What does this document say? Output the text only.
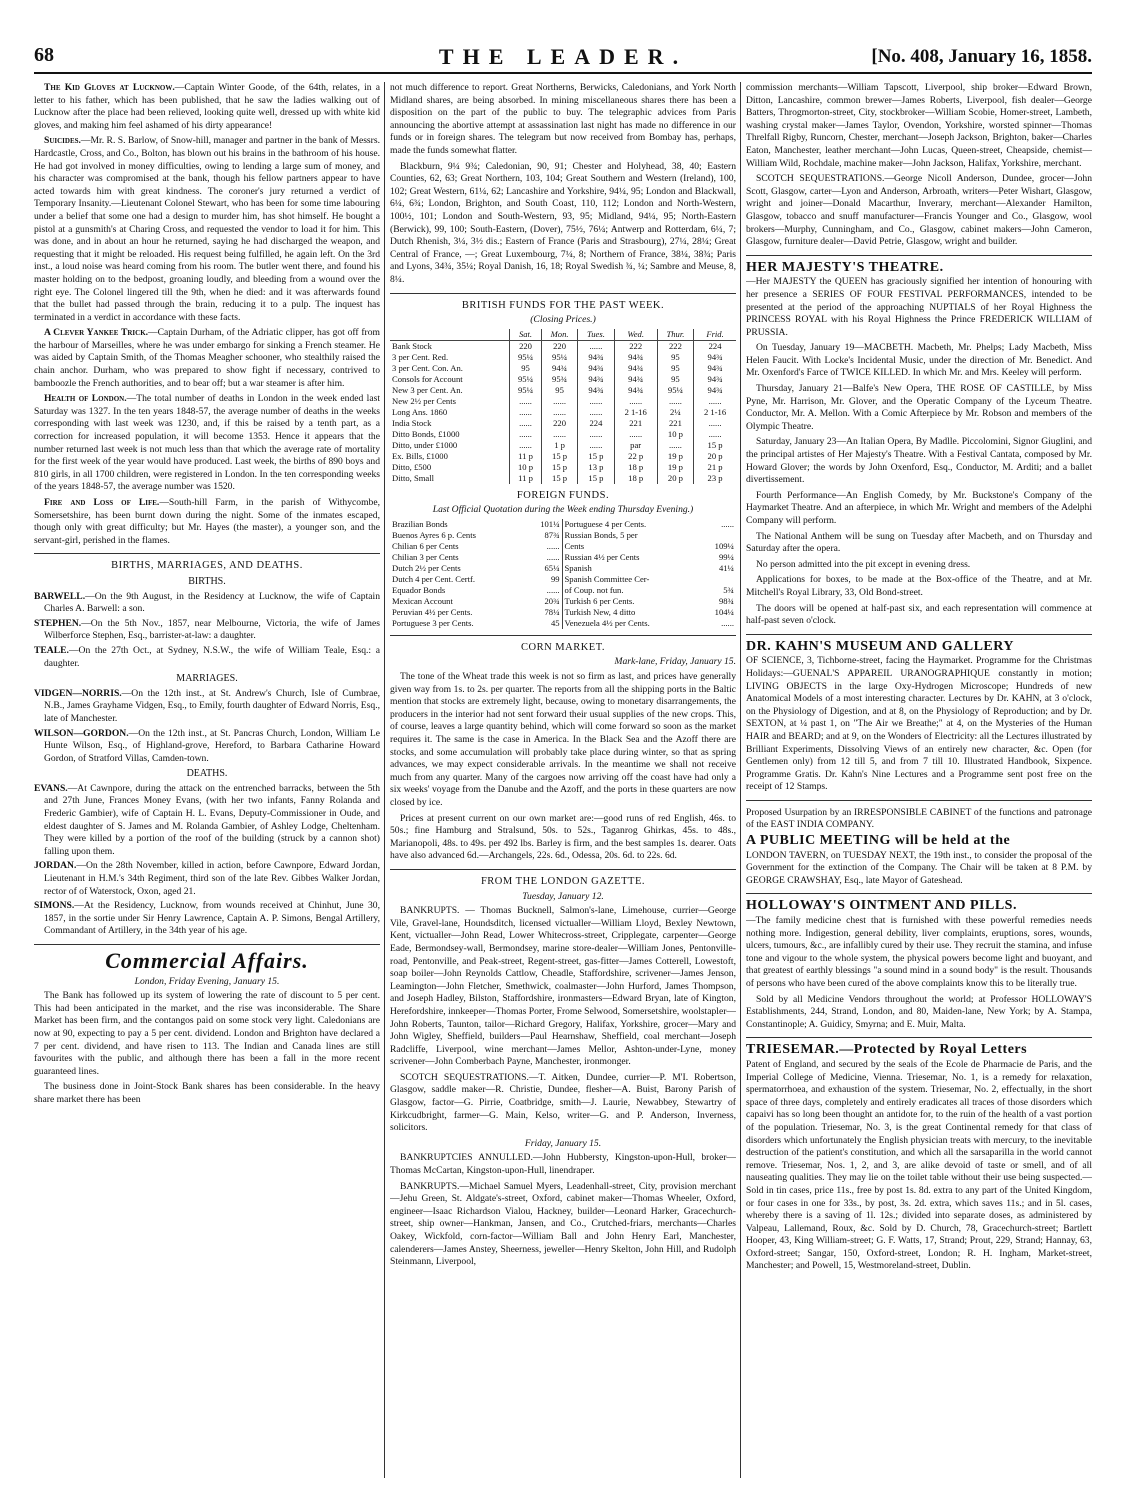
68	THE LEADER.	[No. 408, January 16, 1858.

The Kid Gloves at Lucknow.—Captain Winter Goode, of the 64th, relates, in a letter to his father, which has been published, that he saw the ladies walking out of Lucknow after the place had been relieved, looking quite well, dressed up with white kid gloves, and making him feel ashamed of his dirty appearance!

Suicides.—Mr. R. S. Barlow, of Snow-hill, manager and partner in the bank of Messrs. Hardcastle, Cross, and Co., Bolton, has blown out his brains in the bathroom of his house. He had got involved in money difficulties, owing to lending a large sum of money, and his character was compromised at the bank, though his fellow partners appear to have acted towards him with great kindness. The coroner's jury returned a verdict of Temporary Insanity.—Lieutenant Colonel Stewart, who has been for some time labouring under a belief that some one had a design to murder him, has shot himself. He bought a pistol at a gunsmith's at Charing Cross, and requested the vendor to load it for him. This was done, and in about an hour he returned, saying he had discharged the weapon, and requesting that it might be reloaded. His request being fulfilled, he again left. On the 3rd inst., a loud noise was heard coming from his room. The butler went there, and found his master holding on to the bedpost, groaning loudly, and bleeding from a wound over the right eye. The Colonel lingered till the 9th, when he died: and it was afterwards found that the bullet had passed through the brain, reducing it to a pulp. The inquest has terminated in a verdict in accordance with these facts.

A Clever Yankee Trick.—Captain Durham, of the Adriatic clipper, has got off from the harbour of Marseilles, where he was under embargo for sinking a French steamer. He was aided by Captain Smith, of the Thomas Meagher schooner, who stealthily raised the chain anchor. Durham, who was prepared to show fight if necessary, contrived to bamboozle the French authorities, and to bear off; but a war steamer is after him.

Health of London.—The total number of deaths in London in the week ended last Saturday was 1327. In the ten years 1848-57, the average number of deaths in the weeks corresponding with last week was 1230, and, if this be raised by a tenth part, as a correction for increased population, it will become 1353. Hence it appears that the number returned last week is not much less than that which the average rate of mortality for the first week of the year would have produced. Last week, the births of 890 boys and 810 girls, in all 1700 children, were registered in London. In the ten corresponding weeks of the years 1848-57, the average number was 1520.

Fire and Loss of Life.—South-hill Farm, in the parish of Withycombe, Somersetshire, has been burnt down during the night. Some of the inmates escaped, though only with great difficulty; but Mr. Hayes (the master), a younger son, and the servant-girl, perished in the flames.

BIRTHS, MARRIAGES, AND DEATHS.
BIRTHS.
BARWELL.—On the 9th August, in the Residency at Lucknow, the wife of Captain Charles A. Barwell: a son.
STEPHEN.—On the 5th Nov., 1857, near Melbourne, Victoria, the wife of James Wilberforce Stephen, Esq., barrister-at-law: a daughter.
TEALE.—On the 27th Oct., at Sydney, N.S.W., the wife of William Teale, Esq.: a daughter.
MARRIAGES.
VIDGEN—NORRIS.—On the 12th inst., at St. Andrew's Church, Isle of Cumbrae, N.B., James Grayhame Vidgen, Esq., to Emily, fourth daughter of Edward Norris, Esq., late of Manchester.
WILSON—GORDON.—On the 12th inst., at St. Pancras Church, London, William Le Hunte Wilson, Esq., of Highland-grove, Hereford, to Barbara Catharine Howard Gordon, of Stratford Villas, Camden-town.
DEATHS.
EVANS.—At Cawnpore, during the attack on the entrenched barracks, between the 5th and 27th June, Frances Money Evans, (with her two infants, Fanny Rolanda and Frederic Gambier), wife of Captain H. L. Evans, Deputy-Commissioner in Oude, and eldest daughter of S. James and M. Rolanda Gambier, of Ashley Lodge, Cheltenham. They were killed by a portion of the roof of the building (struck by a cannon shot) falling upon them.
JORDAN.—On the 28th November, killed in action, before Cawnpore, Edward Jordan, Lieutenant in H.M.'s 34th Regiment, third son of the late Rev. Gibbes Walker Jordan, rector of of Waterstock, Oxon, aged 21.
SIMONS.—At the Residency, Lucknow, from wounds received at Chinhut, June 30, 1857, in the sortie under Sir Henry Lawrence, Captain A. P. Simons, Bengal Artillery, Commandant of Artillery, in the 34th year of his age.
Commercial Affairs.
London, Friday Evening, January 15.

The Bank has followed up its system of lowering the rate of discount to 5 per cent. This had been anticipated in the market, and the rise was inconsiderable. The Share Market has been firm, and the contangos paid on some stock very light. Caledonians are now at 90, expecting to pay a 5 per cent. dividend. London and Brighton have declared a 7 per cent. dividend, and have risen to 113. The Indian and Canada lines are still favourites with the public, and although there has been a fall in the more recent guaranteed lines.

The business done in Joint-Stock Bank shares has been considerable. In the heavy share market there has been

not much difference to report. Great Northerns, Berwicks, Caledonians, and York North Midland shares, are being absorbed. In mining miscellaneous shares there has been a disposition on the part of the public to buy. The telegraphic advices from Paris announcing the abortive attempt at assassination last night has made no difference in our funds or in foreign shares. The telegram but now received from Bombay has, perhaps, made the funds somewhat flatter.

Blackburn, 9¼ 9¾; Caledonian, 90, 91; Chester and Holyhead, 38, 40; Eastern Counties, 62, 63; Great Northern, 103, 104; Great Southern and Western (Ireland), 100, 102; Great Western, 61¼, 62; Lancashire and Yorkshire, 94¼, 95; London and Blackwall, 6¼, 6¾; London, Brighton, and South Coast, 110, 112; London and North-Western, 100½, 101; London and South-Western, 93, 95; Midland, 94¼, 95; North-Eastern (Berwick), 99, 100; South-Eastern, (Dover), 75½, 76¼; Antwerp and Rotterdam, 6¼, 7; Dutch Rhenish, 3¼, 3½ dis.; Eastern of France (Paris and Strasbourg), 27¼, 28¼; Great Central of France, —; Great Luxembourg, 7¼, 8; Northern of France, 38¼, 38¾; Paris and Lyons, 34¾, 35¼; Royal Danish, 16, 18; Royal Swedish ¾, ¼; Sambre and Meuse, 8, 8¼.

BRITISH FUNDS FOR THE PAST WEEK.
(Closing Prices.)
	Sat.	Mon.	Tues.	Wed.	Thur.	Frid.
Bank Stock	220	220	......	222	222	224
3 per Cent. Red.	95¼	95¼	94¾	94¾	95	94¾
3 per Cent. Con. An.	95	94¾	94¾	94¾	95	94¾
Consols for Account	95¼	95¾	94¾	94¾	95	94¾
New 3 per Cent. An.	95¼	95	94¾	94¾	95¼	94¾
New 2½ per Cents	......	......	......	......	......	......
Long Ans. 1860	......	......	......	2 1-16	2¼	2 1-16
India Stock	......	220	224	221	221	......
Ditto Bonds, £1000	......	......	......	......	10 p	......
Ditto, under £1000	......	1 p	......	par	......	15 p
Ex. Bills, £1000	11 p	15 p	15 p	22 p	19 p	20 p
Ditto, £500	10 p	15 p	13 p	18 p	19 p	21 p
Ditto, Small	11 p	15 p	15 p	18 p	20 p	23 p
FOREIGN FUNDS.
Last Official Quotation during the Week ending Thursday Evening.)
Brazilian Bonds	101¼	Portuguese 4 per Cents.	......
Buenos Ayres 6 p. Cents	87¾	Russian Bonds, 5 per	
Chilian 6 per Cents	......	Cents	109¼
Chilian 3 per Cents	......	Russian 4½ per Cents	99¼
Dutch 2½ per Cents	65¼	Spanish	41¼
Dutch 4 per Cent. Certf.	99	Spanish Committee Cer-	
Equador Bonds	......	of Coup. not fun.	5¾
Mexican Account	20¾	Turkish 6 per Cents.	98¾
Peruvian 4½ per Cents.	78¼	Turkish New, 4 ditto	104¼
Portuguese 3 per Cents.	45	Venezuela 4½ per Cents.	......
CORN MARKET.
Mark-lane, Friday, January 15.

The tone of the Wheat trade this week is not so firm as last, and prices have generally given way from 1s. to 2s. per quarter. The reports from all the shipping ports in the Baltic mention that stocks are extremely light, because, owing to monetary disarrangements, the producers in the interior had not sent forward their usual supplies of the new crops. This, of course, leaves a large quantity behind, which will come forward so soon as the market requires it. The same is the case in America. In the Black Sea and the Azoff there are stocks, and some accumulation will probably take place during winter, so that as spring advances, we may expect considerable arrivals. In the meantime we shall not receive much from any quarter. Many of the cargoes now arriving off the coast have had only a six weeks' voyage from the Danube and the Azoff, and the ports in these quarters are now closed by ice.

Prices at present current on our own market are:—good runs of red English, 46s. to 50s.; fine Hamburg and Stralsund, 50s. to 52s., Taganrog Ghirkas, 45s. to 48s., Marianopoli, 48s. to 49s. per 492 lbs. Barley is firm, and the best samples 1s. dearer. Oats have also advanced 6d.—Archangels, 22s. 6d., Odessa, 20s. 6d. to 22s. 6d.

FROM THE LONDON GAZETTE.
Tuesday, January 12.

BANKRUPTS. — Thomas Bucknell, Salmon's-lane, Limehouse, currier—George Vile, Gravel-lane, Houndsditch, licensed victualler—William Lloyd, Bexley Newtown, Kent, victualler—John Read, Lower Whitecross-street, Cripplegate, carpenter—George Eade, Bermondsey-wall, Bermondsey, marine store-dealer—William Jones, Pentonville-road, Pentonville, and Peak-street, Regent-street, gas-fitter—James Cotterell, Lowestoft, soap boiler—John Reynolds Cattlow, Cheadle, Staffordshire, scrivener—James Jenson, Leamington—John Fletcher, Smethwick, coalmaster—John Hurford, James Thompson, and Joseph Hadley, Bilston, Staffordshire, ironmasters—Edward Bryan, late of Kington, Herefordshire, innkeeper—Thomas Porter, Frome Selwood, Somersetshire, woolstapler—John Roberts, Taunton, tailor—Richard Gregory, Halifax, Yorkshire, grocer—Mary and John Wigley, Sheffield, builders—Paul Hearnshaw, Sheffield, coal merchant—Joseph Radcliffe, Liverpool, wine merchant—James Mellor, Ashton-under-Lyne, money scrivener—John Comberbach Payne, Manchester, ironmonger.

SCOTCH SEQUESTRATIONS.—T. Aitken, Dundee, currier—P. M'I. Robertson, Glasgow, saddle maker—R. Christie, Dundee, flesher—A. Buist, Barony Parish of Glasgow, factor—G. Pirrie, Coatbridge, smith—J. Laurie, Newabbey, Stewartry of Kirkcudbright, farmer—G. Main, Kelso, writer—G. and P. Anderson, Inverness, solicitors.

Friday, January 15.

BANKRUPTCIES ANNULLED.—John Hubbersty, Kingston-upon-Hull, broker—Thomas McCartan, Kingston-upon-Hull, linendraper.

BANKRUPTS.—Michael Samuel Myers, Leadenhall-street, City, provision merchant—Jehu Green, St. Aldgate's-street, Oxford, cabinet maker—Thomas Wheeler, Oxford, engineer—Isaac Richardson Vialou, Hackney, builder—Leonard Harker, Gracechurch-street, ship owner—Hankman, Jansen, and Co., Crutched-friars, merchants—Charles Oakey, Wickfold, corn-factor—William Ball and John Henry Earl, Manchester, calenderers—James Anstey, Sheerness, jeweller—Henry Skelton, John Hill, and Rudolph Steinmann, Liverpool,

commission merchants—William Tapscott, Liverpool, ship broker—Edward Brown, Ditton, Lancashire, common brewer—James Roberts, Liverpool, fish dealer—George Batters, Throgmorton-street, City, stockbroker—William Scobie, Homer-street, Lambeth, washing crystal maker—James Taylor, Ovendon, Yorkshire, worsted spinner—Thomas Threlfall Rigby, Runcorn, Chester, merchant—Joseph Jackson, Brighton, baker—Charles Eaton, Manchester, leather merchant—John Lucas, Queen-street, Cheapside, chemist—William Wild, Rochdale, machine maker—John Jackson, Halifax, Yorkshire, merchant.

SCOTCH SEQUESTRATIONS.—George Nicoll Anderson, Dundee, grocer—John Scott, Glasgow, carter—Lyon and Anderson, Arbroath, writers—Peter Wishart, Glasgow, wright and joiner—Donald Macarthur, Inverary, merchant—Alexander Hamilton, Glasgow, tobacco and snuff manufacturer—Francis Younger and Co., Glasgow, wool brokers—Murphy, Cunningham, and Co., Glasgow, cabinet makers—John Cameron, Glasgow, furniture dealer—David Petrie, Glasgow, wright and builder.

HER MAJESTY'S THEATRE.

—Her MAJESTY the QUEEN has graciously signified her intention of honouring with her presence a SERIES OF FOUR FESTIVAL PERFORMANCES, intended to be presented at the period of the approaching NUPTIALS of her Royal Highness the PRINCESS ROYAL with his Royal Highness the Prince FREDERICK WILLIAM of PRUSSIA.

On Tuesday, January 19—MACBETH. Macbeth, Mr. Phelps; Lady Macbeth, Miss Helen Faucit. With Locke's Incidental Music, under the direction of Mr. Benedict. And Mr. Oxenford's Farce of TWICE KILLED. In which Mr. and Mrs. Keeley will perform.

Thursday, January 21—Balfe's New Opera, THE ROSE OF CASTILLE, by Miss Pyne, Mr. Harrison, Mr. Glover, and the Operatic Company of the Lyceum Theatre. Conductor, Mr. A. Mellon. With a Comic Afterpiece by Mr. Robson and members of the Olympic Theatre.

Saturday, January 23—An Italian Opera, By Madlle. Piccolomini, Signor Giuglini, and the principal artistes of Her Majesty's Theatre. With a Festival Cantata, composed by Mr. Howard Glover; the words by John Oxenford, Esq., Conductor, M. Arditi; and a ballet divertissement.

Fourth Performance—An English Comedy, by Mr. Buckstone's Company of the Haymarket Theatre. And an afterpiece, in which Mr. Wright and members of the Adelphi Company will perform.

The National Anthem will be sung on Tuesday after Macbeth, and on Thursday and Saturday after the opera.

No person admitted into the pit except in evening dress.

Applications for boxes, to be made at the Box-office of the Theatre, and at Mr. Mitchell's Royal Library, 33, Old Bond-street.

The doors will be opened at half-past six, and each representation will commence at half-past seven o'clock.

DR. KAHN'S MUSEUM AND GALLERY

OF SCIENCE, 3, Tichborne-street, facing the Haymarket. Programme for the Christmas Holidays:—GUENAL'S APPAREIL URANOGRAPHIQUE constantly in motion; LIVING OBJECTS in the large Oxy-Hydrogen Microscope; Hundreds of new Anatomical Models of a most interesting character. Lectures by Dr. KAHN, at 3 o'clock, on the Physiology of Digestion, and at 8, on the Physiology of Reproduction; and by Dr. SEXTON, at ¼ past 1, on "The Air we Breathe;" at 4, on the Mysteries of the Human HAIR and BEARD; and at 9, on the Wonders of Electricity: all the Lectures illustrated by Brilliant Experiments, Dissolving Views of an entirely new character, &c. Open (for Gentlemen only) from 12 till 5, and from 7 till 10. Illustrated Handbook, Sixpence. Programme Gratis. Dr. Kahn's Nine Lectures and a Programme sent post free on the receipt of 12 Stamps.

Proposed Usurpation by an IRRESPONSIBLE CABINET of the functions and patronage of the EAST INDIA COMPANY.

A PUBLIC MEETING will be held at the

LONDON TAVERN, on TUESDAY NEXT, the 19th inst., to consider the proposal of the Government for the extinction of the Company. The Chair will be taken at 8 P.M. by GEORGE CRAWSHAY, Esq., late Mayor of Gateshead.

HOLLOWAY'S OINTMENT AND PILLS.

—The family medicine chest that is furnished with these powerful remedies needs nothing more. Indigestion, general debility, liver complaints, eruptions, sores, wounds, ulcers, tumours, &c., are infallibly cured by their use. They recruit the stamina, and infuse tone and vigour to the whole system, the physical powers become light and buoyant, and that greatest of earthly blessings "a sound mind in a sound body" is the result. Thousands of persons who have been cured of the above complaints know this to be literally true.

Sold by all Medicine Vendors throughout the world; at Professor HOLLOWAY'S Establishments, 244, Strand, London, and 80, Maiden-lane, New York; by A. Stampa, Constantinople; A. Guidicy, Smyrna; and E. Muir, Malta.

TRIESEMAR.—Protected by Royal Letters

Patent of England, and secured by the seals of the Ecole de Pharmacie de Paris, and the Imperial College of Medicine, Vienna. Triesemar, No. 1, is a remedy for relaxation, spermatorrhoea, and exhaustion of the system. Triesemar, No. 2, effectually, in the short space of three days, completely and entirely eradicates all traces of those disorders which capaivi has so long been thought an antidote for, to the ruin of the health of a vast portion of the population. Triesemar, No. 3, is the great Continental remedy for that class of disorders which unfortunately the English physician treats with mercury, to the inevitable destruction of the patient's constitution, and which all the sarsaparilla in the world cannot remove. Triesemar, Nos. 1, 2, and 3, are alike devoid of taste or smell, and of all nauseating qualities. They may lie on the toilet table without their use being suspected.—Sold in tin cases, price 11s., free by post 1s. 8d. extra to any part of the United Kingdom, or four cases in one for 33s., by post, 3s. 2d. extra, which saves 11s.; and in 5l. cases, whereby there is a saving of 1l. 12s.; divided into separate doses, as administered by Valpeau, Lallemand, Roux, &c. Sold by D. Church, 78, Gracechurch-street; Bartlett Hooper, 43, King William-street; G. F. Watts, 17, Strand; Prout, 229, Strand; Hannay, 63, Oxford-street; Sangar, 150, Oxford-street, London; R. H. Ingham, Market-street, Manchester; and Powell, 15, Westmoreland-street, Dublin.
